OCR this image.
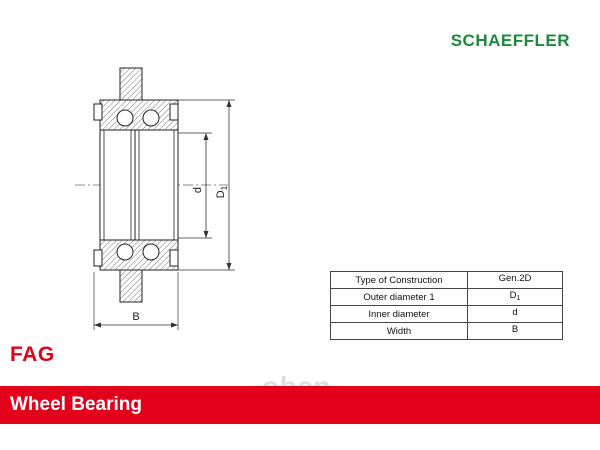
SCHAEFFLER
d
$D_1$
B
Type of Construction	Gen.2D
Outer diameter 1	$D_1$
Inner diameter	d
Width	B
FAG
Wheel Bearing
